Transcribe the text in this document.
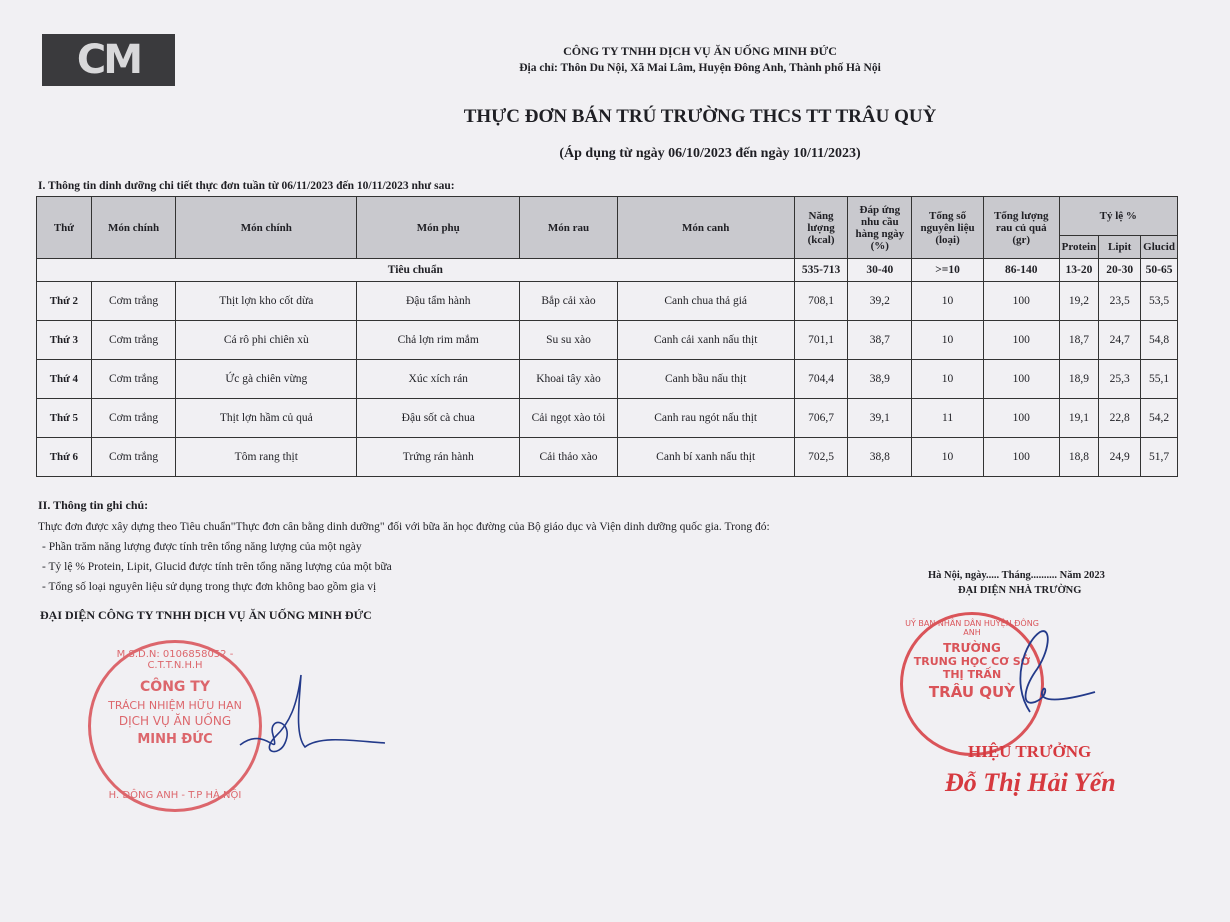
CM	CÔNG TY TNHH DỊCH VỤ ĂN UỐNG MINH ĐỨC
Địa chỉ: Thôn Du Nội, Xã Mai Lâm, Huyện Đông Anh, Thành phố Hà Nội
THỰC ĐƠN BÁN TRÚ TRƯỜNG THCS TT TRÂU QUỲ
(Áp dụng từ ngày 06/10/2023 đến ngày 10/11/2023)
I. Thông tin dinh dưỡng chi tiết thực đơn tuần từ 06/11/2023 đến 10/11/2023 như sau:
Thứ	Món chính	Món chính	Món phụ	Món rau	Món canh	Năng lượng (kcal)	Đáp ứng nhu cầu hàng ngày (%)	Tổng số nguyên liệu (loại)	Tổng lượng rau củ quả (gr)	Tỷ lệ %		
										Protein	Lipit	Glucid
Tiêu chuẩn						535-713	30-40	>=10	86-140	13-20	20-30	50-65
Thứ 2	Cơm trắng	Thịt lợn kho cốt dừa	Đậu tẩm hành	Bắp cải xào	Canh chua thả giá	708,1	39,2	10	100	19,2	23,5	53,5
Thứ 3	Cơm trắng	Cá rô phi chiên xù	Chả lợn rim mắm	Su su xào	Canh cải xanh nấu thịt	701,1	38,7	10	100	18,7	24,7	54,8
Thứ 4	Cơm trắng	Ức gà chiên vừng	Xúc xích rán	Khoai tây xào	Canh bầu nấu thịt	704,4	38,9	10	100	18,9	25,3	55,1
Thứ 5	Cơm trắng	Thịt lợn hầm củ quả	Đậu sốt cà chua	Cải ngọt xào tỏi	Canh rau ngót nấu thịt	706,7	39,1	11	100	19,1	22,8	54,2
Thứ 6	Cơm trắng	Tôm rang thịt	Trứng rán hành	Cải thảo xào	Canh bí xanh nấu thịt	702,5	38,8	10	100	18,8	24,9	51,7
II. Thông tin ghi chú:
Thực đơn được xây dựng theo Tiêu chuẩn"Thực đơn cân bằng dinh dưỡng" đối với bữa ăn học đường của Bộ giáo dục và Viện dinh dưỡng quốc gia. Trong đó:
- Phần trăm năng lượng được tính trên tổng năng lượng của một ngày
- Tỷ lệ % Protein, Lipit, Glucid được tính trên tổng năng lượng của một bữa
- Tổng số loại nguyên liệu sử dụng trong thực đơn không bao gồm gia vị
Hà Nội, ngày..... Tháng.......... Năm 2023
ĐẠI DIỆN NHÀ TRƯỜNG
ĐẠI DIỆN CÔNG TY TNHH DỊCH VỤ ĂN UỐNG MINH ĐỨC
M.S.D.N: 0106858052 - C.T.T.N.H.H
CÔNG TY
TRÁCH NHIỆM HỮU HẠN
DỊCH VỤ ĂN UỐNG
MINH ĐỨC
H. ĐÔNG ANH - T.P HÀ NỘI
UỶ BAN NHÂN DÂN HUYỆN ĐÔNG ANH
TRƯỜNG
TRUNG HỌC CƠ SỞ
THỊ TRẤN
TRÂU QUỲ
HIỆU TRƯỞNG
Đỗ Thị Hải Yến
